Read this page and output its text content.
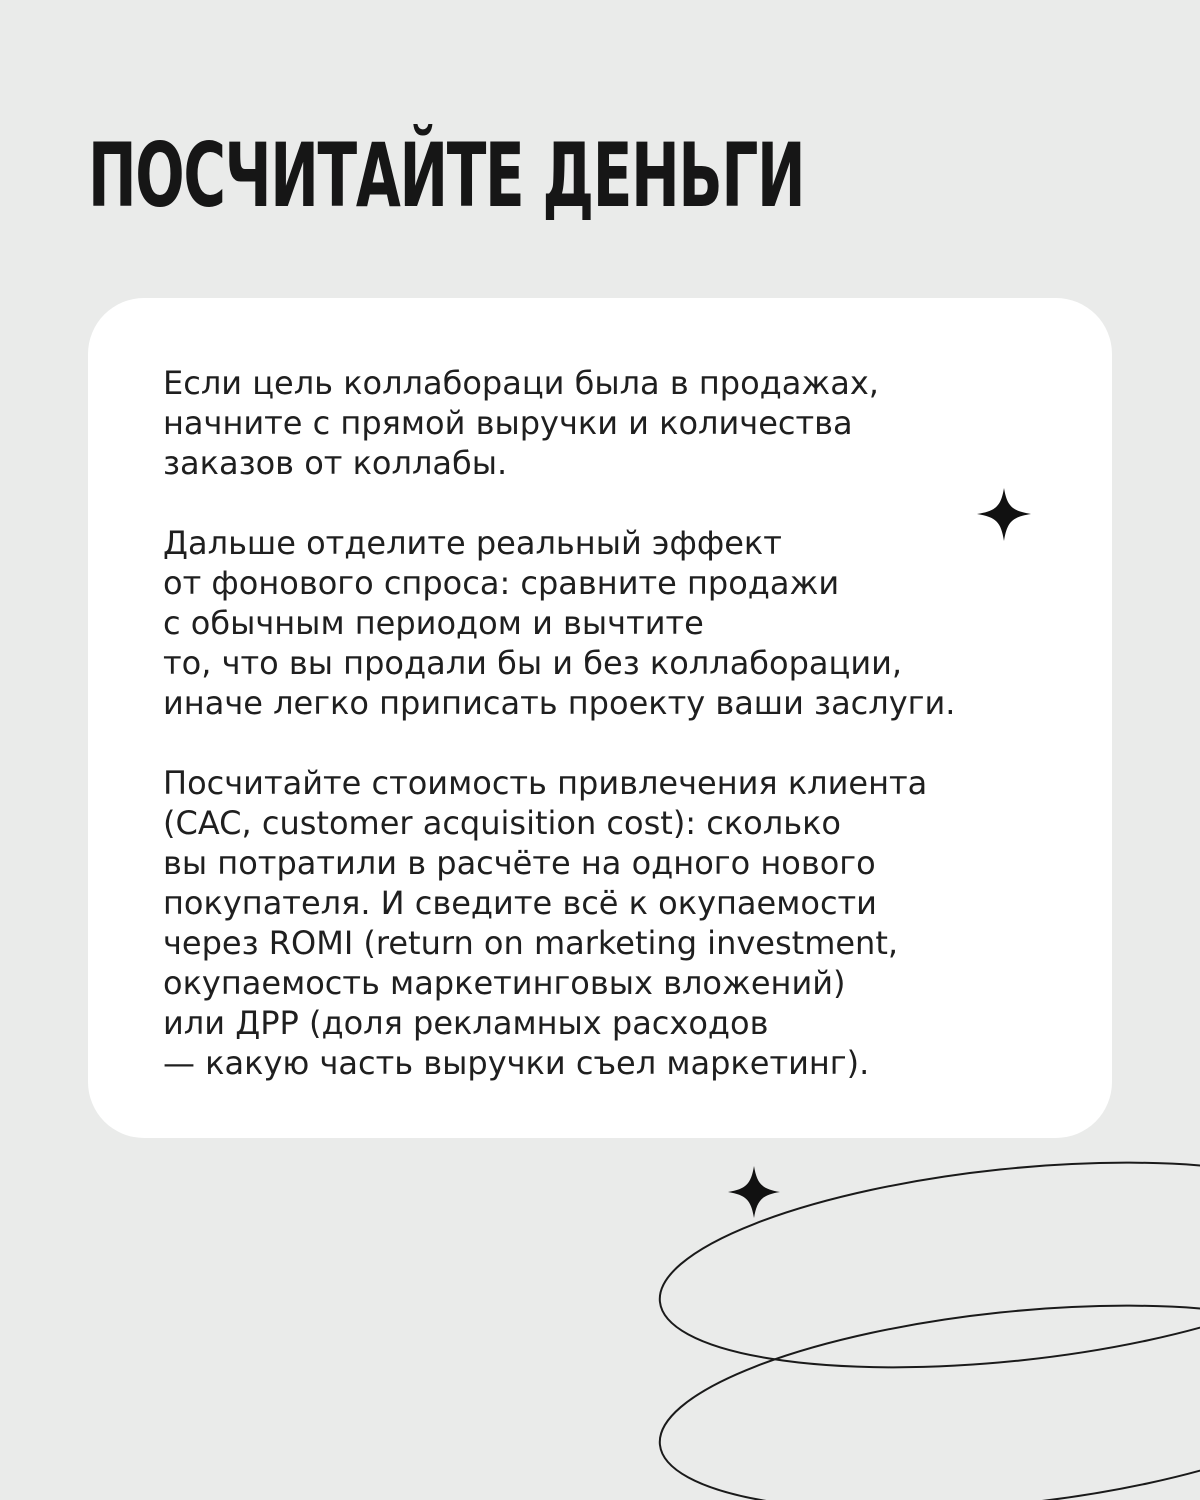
ПОСЧИТАЙТЕ ДЕНЬГИ

Если цель коллабораци была в продажах,
начните с прямой выручки и количества
заказов от коллабы.

Дальше отделите реальный эффект
от фонового спроса: сравните продажи
с обычным периодом и вычтите
то, что вы продали бы и без коллаборации,
иначе легко приписать проекту ваши заслуги.

Посчитайте стоимость привлечения клиента
(CAC, customer acquisition cost): сколько
вы потратили в расчёте на одного нового
покупателя. И сведите всё к окупаемости
через ROMI (return on marketing investment,
окупаемость маркетинговых вложений)
или ДРР (доля рекламных расходов
— какую часть выручки съел маркетинг).
